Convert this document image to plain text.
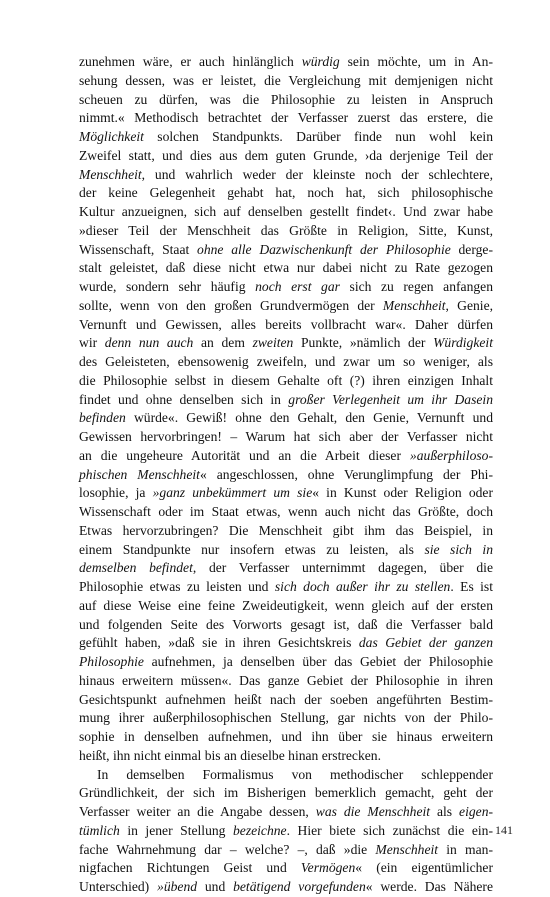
zunehmen wäre, er auch hinlänglich würdig sein möchte, um in An-
sehung dessen, was er leistet, die Vergleichung mit demjenigen nicht
scheuen zu dürfen, was die Philosophie zu leisten in Anspruch
nimmt.« Methodisch betrachtet der Verfasser zuerst das erstere, die
Möglichkeit solchen Standpunkts. Darüber finde nun wohl kein
Zweifel statt, und dies aus dem guten Grunde, ›da derjenige Teil der
Menschheit, und wahrlich weder der kleinste noch der schlechtere,
der keine Gelegenheit gehabt hat, noch hat, sich philosophische
Kultur anzueignen, sich auf denselben gestellt findet‹. Und zwar habe
»dieser Teil der Menschheit das Größte in Religion, Sitte, Kunst,
Wissenschaft, Staat ohne alle Dazwischenkunft der Philosophie derge-
stalt geleistet, daß diese nicht etwa nur dabei nicht zu Rate gezogen
wurde, sondern sehr häufig noch erst gar sich zu regen anfangen
sollte, wenn von den großen Grundvermögen der Menschheit, Genie,
Vernunft und Gewissen, alles bereits vollbracht war«. Daher dürfen
wir denn nun auch an dem zweiten Punkte, »nämlich der Würdigkeit
des Geleisteten, ebensowenig zweifeln, und zwar um so weniger, als
die Philosophie selbst in diesem Gehalte oft (?) ihren einzigen Inhalt
findet und ohne denselben sich in großer Verlegenheit um ihr Dasein
befinden würde«. Gewiß! ohne den Gehalt, den Genie, Vernunft und
Gewissen hervorbringen! – Warum hat sich aber der Verfasser nicht
an die ungeheure Autorität und an die Arbeit dieser »außerphiloso-
phischen Menschheit« angeschlossen, ohne Verunglimpfung der Phi-
losophie, ja »ganz unbekümmert um sie« in Kunst oder Religion oder
Wissenschaft oder im Staat etwas, wenn auch nicht das Größte, doch
Etwas hervorzubringen? Die Menschheit gibt ihm das Beispiel, in
einem Standpunkte nur insofern etwas zu leisten, als sie sich in
demselben befindet, der Verfasser unternimmt dagegen, über die
Philosophie etwas zu leisten und sich doch außer ihr zu stellen. Es ist
auf diese Weise eine feine Zweideutigkeit, wenn gleich auf der ersten
und folgenden Seite des Vorworts gesagt ist, daß die Verfasser bald
gefühlt haben, »daß sie in ihren Gesichtskreis das Gebiet der ganzen
Philosophie aufnehmen, ja denselben über das Gebiet der Philosophie
hinaus erweitern müssen«. Das ganze Gebiet der Philosophie in ihren
Gesichtspunkt aufnehmen heißt nach der soeben angeführten Bestim-
mung ihrer außerphilosophischen Stellung, gar nichts von der Philo-
sophie in denselben aufnehmen, und ihn über sie hinaus erweitern
heißt, ihn nicht einmal bis an dieselbe hinan erstrecken.
In demselben Formalismus von methodischer schleppender
Gründlichkeit, der sich im Bisherigen bemerklich gemacht, geht der
Verfasser weiter an die Angabe dessen, was die Menschheit als eigen-
tümlich in jener Stellung bezeichne. Hier biete sich zunächst die ein-
fache Wahrnehmung dar – welche? –, daß »die Menschheit in man-
nigfachen Richtungen Geist und Vermögen« (ein eigentümlicher
Unterschied) »übend und betätigend vorgefunden« werde. Das Nähere
141
